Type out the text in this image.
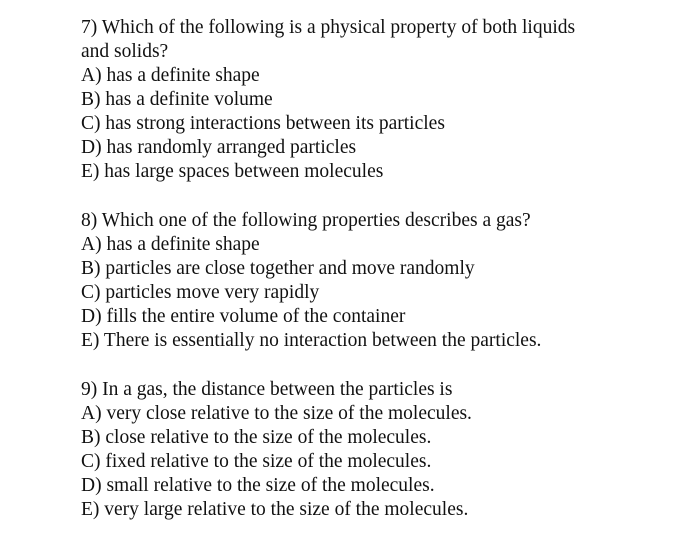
7) Which of the following is a physical property of both liquids
and solids?
A) has a definite shape
B) has a definite volume
C) has strong interactions between its particles
D) has randomly arranged particles
E) has large spaces between molecules
8) Which one of the following properties describes a gas?
A) has a definite shape
B) particles are close together and move randomly
C) particles move very rapidly
D) fills the entire volume of the container
E) There is essentially no interaction between the particles.
9) In a gas, the distance between the particles is
A) very close relative to the size of the molecules.
B) close relative to the size of the molecules.
C) fixed relative to the size of the molecules.
D) small relative to the size of the molecules.
E) very large relative to the size of the molecules.
